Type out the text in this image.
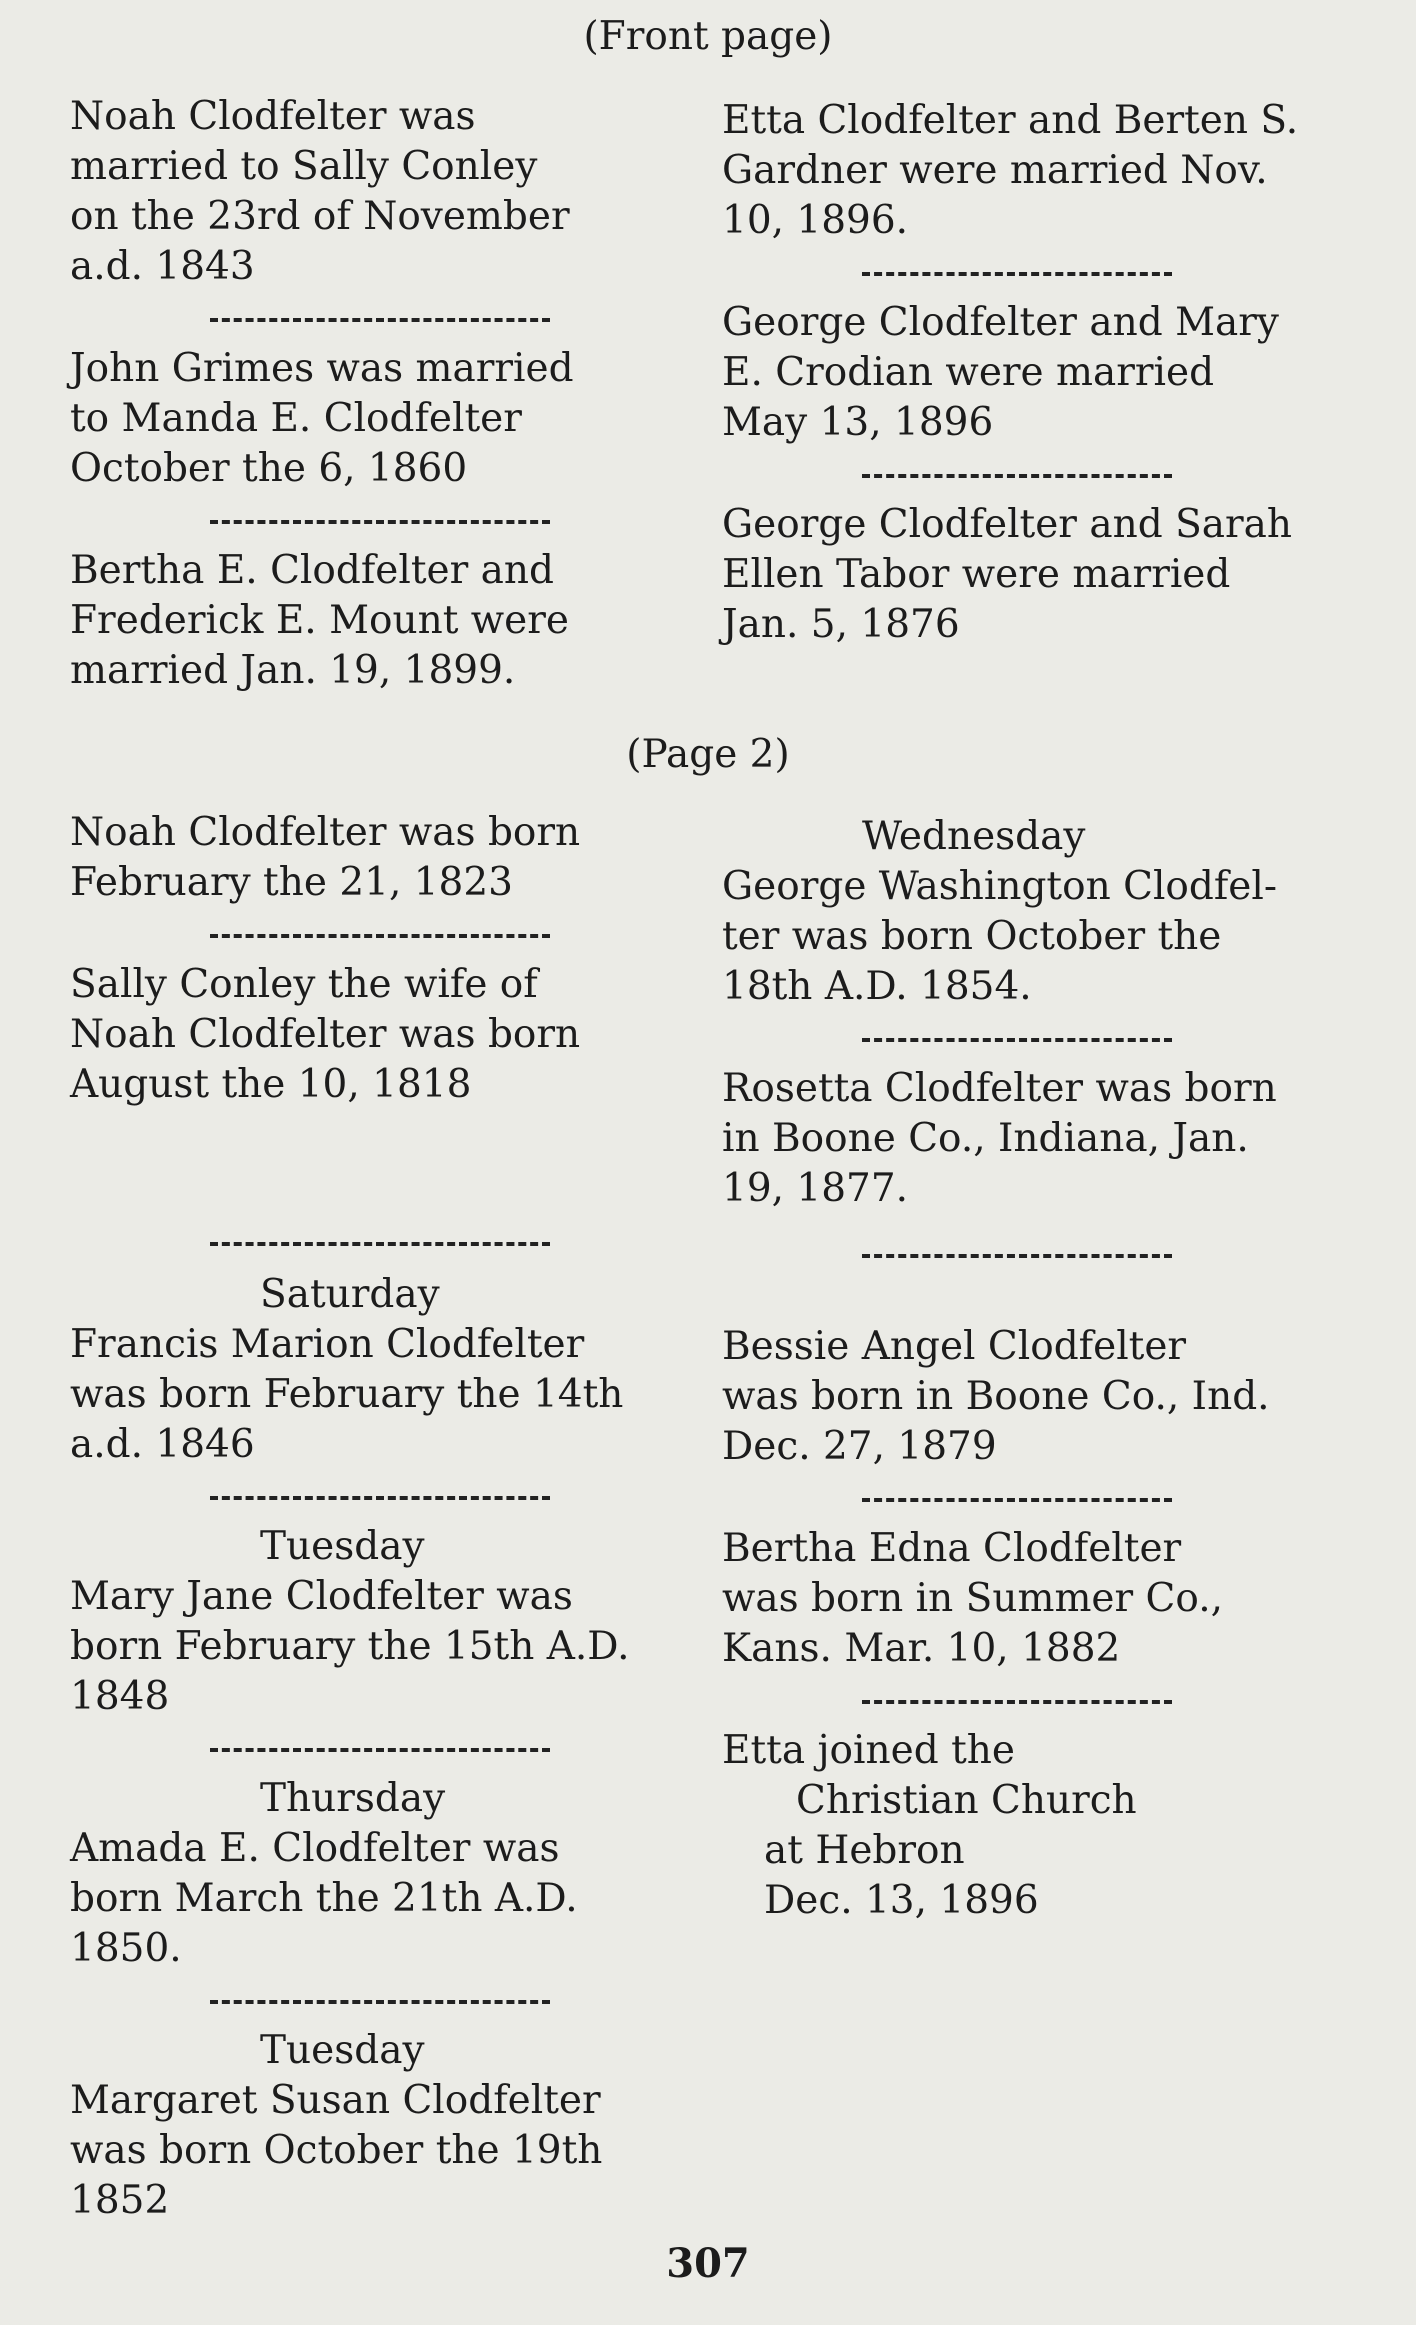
(Front page)
Noah Clodfelter was
married to Sally Conley
on the 23rd of November
a.d. 1843
John Grimes was married
to Manda E. Clodfelter
October the 6, 1860
Bertha E. Clodfelter and
Frederick E. Mount were
married Jan. 19, 1899.
Etta Clodfelter and Berten S.
Gardner were married Nov.
10, 1896.
George Clodfelter and Mary
E. Crodian were married
May 13, 1896
George Clodfelter and Sarah
Ellen Tabor were married
Jan. 5, 1876
(Page 2)
Noah Clodfelter was born
February the 21, 1823
Sally Conley the wife of
Noah Clodfelter was born
August the 10, 1818
Saturday
Francis Marion Clodfelter
was born February the 14th
a.d. 1846
Tuesday
Mary Jane Clodfelter was
born February the 15th A.D.
1848
Thursday
Amada E. Clodfelter was
born March the 21th A.D.
1850.
Tuesday
Margaret Susan Clodfelter
was born October the 19th
1852
Wednesday
George Washington Clodfel-
ter was born October the
18th A.D. 1854.
Rosetta Clodfelter was born
in Boone Co., Indiana, Jan.
19, 1877.
Bessie Angel Clodfelter
was born in Boone Co., Ind.
Dec. 27, 1879
Bertha Edna Clodfelter
was born in Summer Co.,
Kans. Mar. 10, 1882
Etta joined the
Christian Church
at Hebron
Dec. 13, 1896
307
